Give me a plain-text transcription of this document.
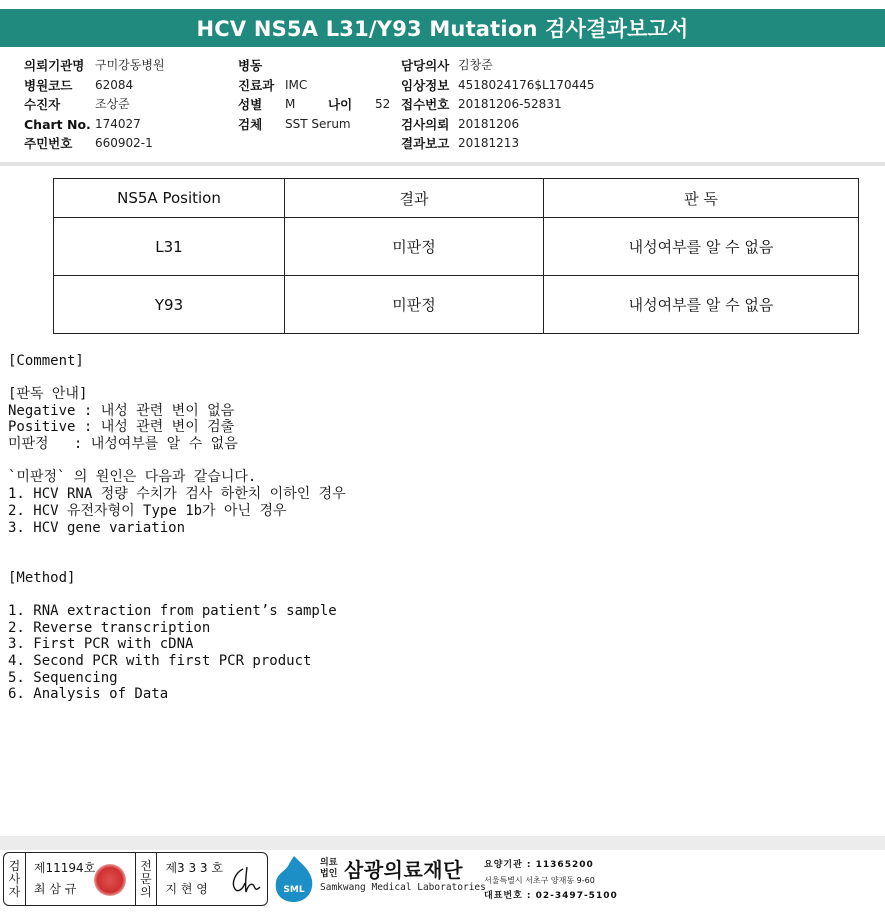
HCV NS5A L31/Y93 Mutation 검사결과보고서
의뢰기관명 구미강동병원
병원코드	62084
수진자	조상준
Chart No. 174027
주민번호	660902-1
병동
진료과 IMC
성별	M	나이	52
검체	SST Serum
담당의사 김창준
임상정보 4518024176$L170445
접수번호 20181206-52831
검사의뢰 20181206
결과보고 20181213
NS5A Position	결과	판 독
L31	미판정	내성여부를 알 수 없음
Y93	미판정	내성여부를 알 수 없음
[Comment]
[판독 안내]
Negative : 내성 관련 변이 없음
Positive : 내성 관련 변이 검출
미판정   : 내성여부를 알 수 없음
`미판정` 의 원인은 다음과 같습니다.
1. HCV RNA 정량 수치가 검사 하한치 이하인 경우
2. HCV 유전자형이 Type 1b가 아닌 경우
3. HCV gene variation
[Method]
1. RNA extraction from patient’s sample
2. Reverse transcription
3. First PCR with cDNA
4. Second PCR with first PCR product
5. Sequencing
6. Analysis of Data
검
사
자
제11194호
최 삼 규
전
문
의
제3 3 3 호
지 현 영	SML
의료법인 삼광의료재단
Samkwang Medical Laboratories
요양기관 : 11365200
서울특별시 서초구 양재동 9-60
대표번호 : 02-3497-5100
